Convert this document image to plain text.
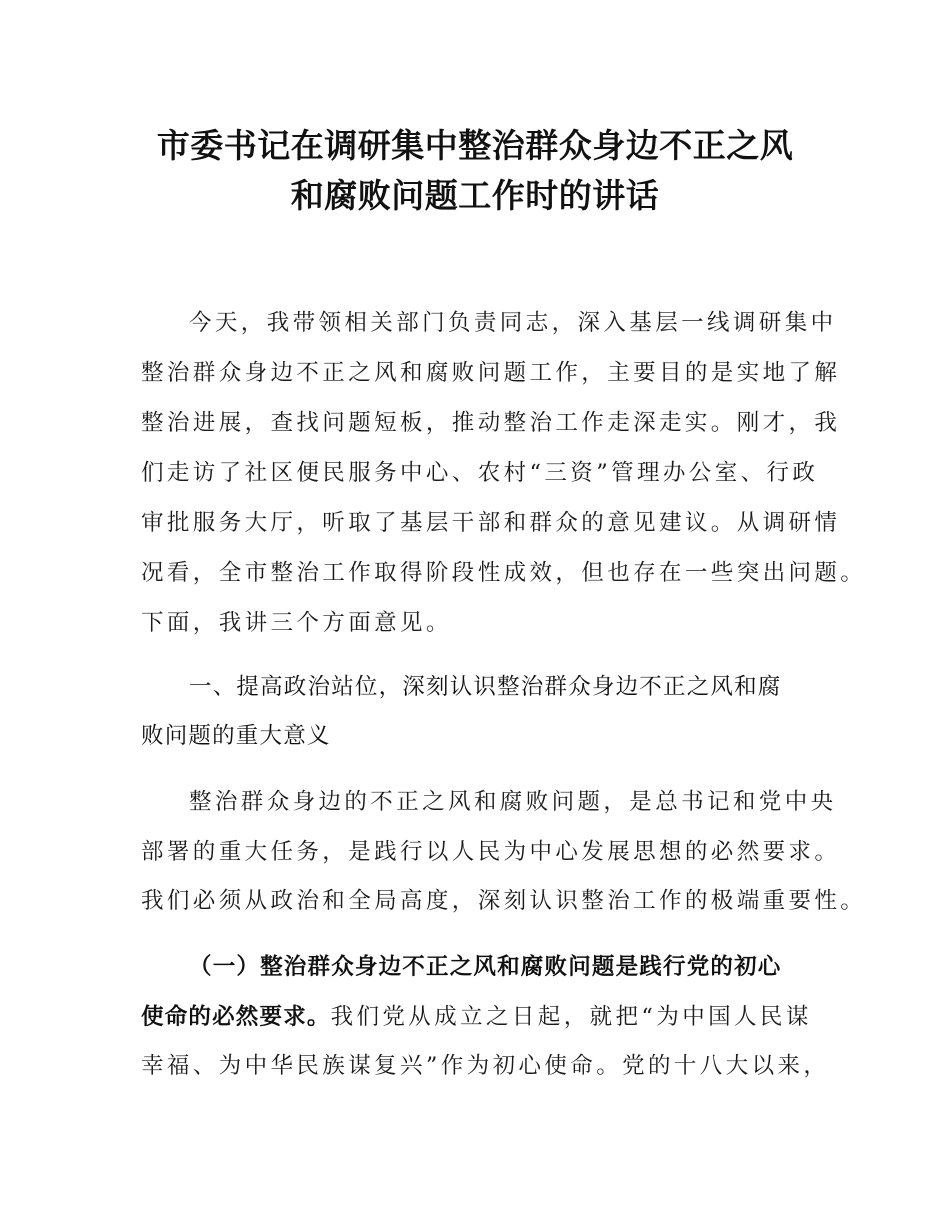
市委书记在调研集中整治群众身边不正之风
和腐败问题工作时的讲话
今天，我带领相关部门负责同志，深入基层一线调研集中
整治群众身边不正之风和腐败问题工作，主要目的是实地了解
整治进展，查找问题短板，推动整治工作走深走实。刚才，我
们走访了社区便民服务中心、农村“三资”管理办公室、行政
审批服务大厅，听取了基层干部和群众的意见建议。从调研情
况看，全市整治工作取得阶段性成效，但也存在一些突出问题。
下面，我讲三个方面意见。
一、提高政治站位，深刻认识整治群众身边不正之风和腐
败问题的重大意义
整治群众身边的不正之风和腐败问题，是总书记和党中央
部署的重大任务，是践行以人民为中心发展思想的必然要求。
我们必须从政治和全局高度，深刻认识整治工作的极端重要性。
（一）整治群众身边不正之风和腐败问题是践行党的初心
使命的必然要求。我们党从成立之日起，就把“为中国人民谋
幸福、为中华民族谋复兴”作为初心使命。党的十八大以来，
